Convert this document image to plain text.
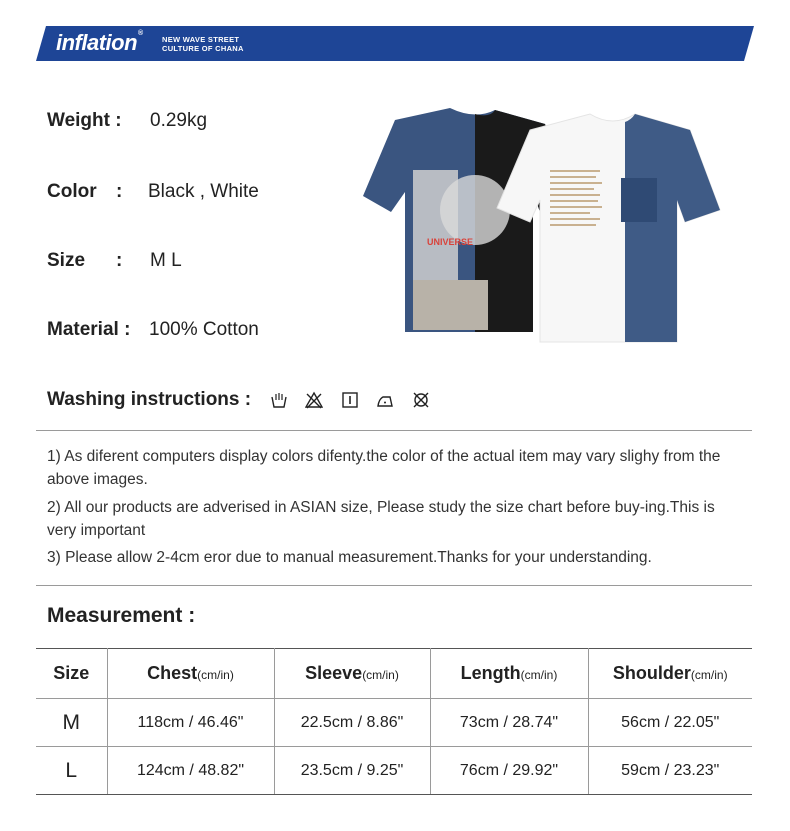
inflation®
NEW WAVE STREET
CULTURE OF CHANA
Weight : 0.29kg
Color : Black , White
Size : M L
Material : 100% Cotton
UNIVERSE
Washing instructions :

1) As diferent computers display colors difenty.the color of the actual item may vary slighy from the above images.
2) All our products are adverised in ASIAN size, Please study the size chart before buy-ing.This is very important
3) Please allow 2-4cm eror due to manual measurement.Thanks for your understanding.
Measurement :
Size	Chest(cm/in)	Sleeve(cm/in)	Length(cm/in)	Shoulder(cm/in)
M	118cm / 46.46"	22.5cm / 8.86"	73cm / 28.74"	56cm / 22.05"
L	124cm / 48.82"	23.5cm / 9.25"	76cm / 29.92"	59cm / 23.23"
